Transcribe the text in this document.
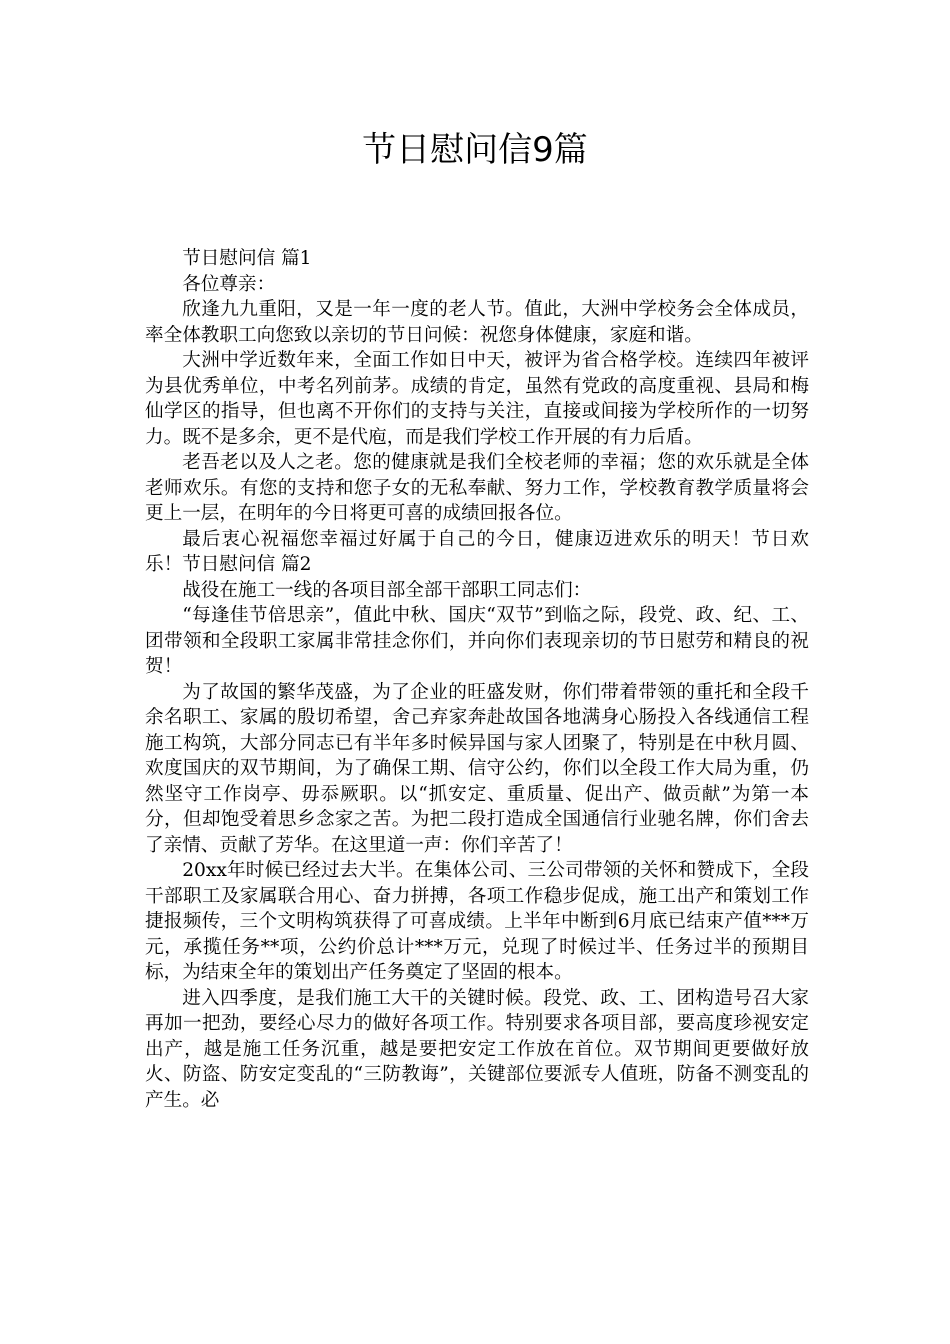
节日慰问信9篇

节日慰问信 篇1

各位尊亲：

欣逢九九重阳，又是一年一度的老人节。值此，大洲中学校务会全体成员，率全体教职工向您致以亲切的节日问候：祝您身体健康，家庭和谐。

大洲中学近数年来，全面工作如日中天，被评为省合格学校。连续四年被评为县优秀单位，中考名列前茅。成绩的肯定，虽然有党政的高度重视、县局和梅仙学区的指导，但也离不开你们的支持与关注，直接或间接为学校所作的一切努力。既不是多余，更不是代庖，而是我们学校工作开展的有力后盾。

老吾老以及人之老。您的健康就是我们全校老师的幸福；您的欢乐就是全体老师欢乐。有您的支持和您子女的无私奉献、努力工作，学校教育教学质量将会更上一层，在明年的今日将更可喜的成绩回报各位。

最后衷心祝福您幸福过好属于自己的今日，健康迈进欢乐的明天！节日欢乐！节日慰问信 篇2

战役在施工一线的各项目部全部干部职工同志们：

“每逢佳节倍思亲”，值此中秋、国庆“双节”到临之际，段党、政、纪、工、团带领和全段职工家属非常挂念你们，并向你们表现亲切的节日慰劳和精良的祝贺！

为了故国的繁华茂盛，为了企业的旺盛发财，你们带着带领的重托和全段千余名职工、家属的殷切希望，舍己弃家奔赴故国各地满身心肠投入各线通信工程施工构筑，大部分同志已有半年多时候异国与家人团聚了，特别是在中秋月圆、欢度国庆的双节期间，为了确保工期、信守公约，你们以全段工作大局为重，仍然坚守工作岗亭、毋忝厥职。以“抓安定、重质量、促出产、做贡献”为第一本分，但却饱受着思乡念家之苦。为把二段打造成全国通信行业驰名牌，你们舍去了亲情、贡献了芳华。在这里道一声：你们辛苦了！

20xx年时候已经过去大半。在集体公司、三公司带领的关怀和赞成下，全段干部职工及家属联合用心、奋力拼搏，各项工作稳步促成，施工出产和策划工作捷报频传，三个文明构筑获得了可喜成绩。上半年中断到6月底已结束产值***万元，承揽任务**项，公约价总计***万元，兑现了时候过半、任务过半的预期目标，为结束全年的策划出产任务奠定了坚固的根本。

进入四季度，是我们施工大干的关键时候。段党、政、工、团构造号召大家再加一把劲，要经心尽力的做好各项工作。特别要求各项目部，要高度珍视安定出产，越是施工任务沉重，越是要把安定工作放在首位。双节期间更要做好放火、防盗、防安定变乱的“三防教诲”，关键部位要派专人值班，防备不测变乱的产生。必
